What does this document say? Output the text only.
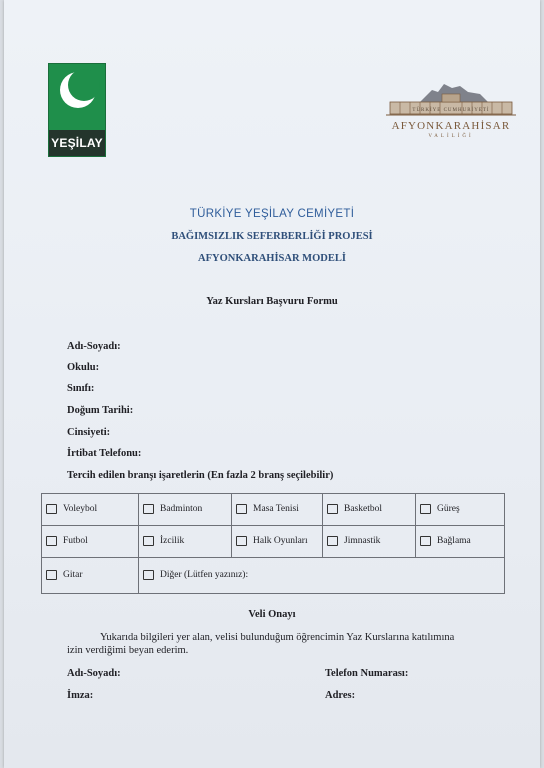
YEŞİLAY
TÜRKİYE CUMHURİYETİ
AFYONKARAHİSAR
VALİLİĞİ
TÜRKİYE YEŞİLAY CEMİYETİ
BAĞIMSIZLIK SEFERBERLİĞİ PROJESİ
AFYONKARAHİSAR MODELİ
Yaz Kursları Başvuru Formu
Adı-Soyadı:
Okulu:
Sınıfı:
Doğum Tarihi:
Cinsiyeti:
İrtibat Telefonu:
Tercih edilen branşı işaretlerin (En fazla 2 branş seçilebilir)
Voleybol	Badminton	Masa Tenisi	Basketbol	Güreş
Futbol	İzcilik	Halk Oyunları	Jimnastik	Bağlama
Gitar	Diğer (Lütfen yazınız):			
Veli Onayı
Yukarıda bilgileri yer alan, velisi bulunduğum öğrencimin Yaz Kurslarına katılımına
izin verdiğimi beyan ederim.
Adı-Soyadı:	Telefon Numarası:
İmza:	Adres:
